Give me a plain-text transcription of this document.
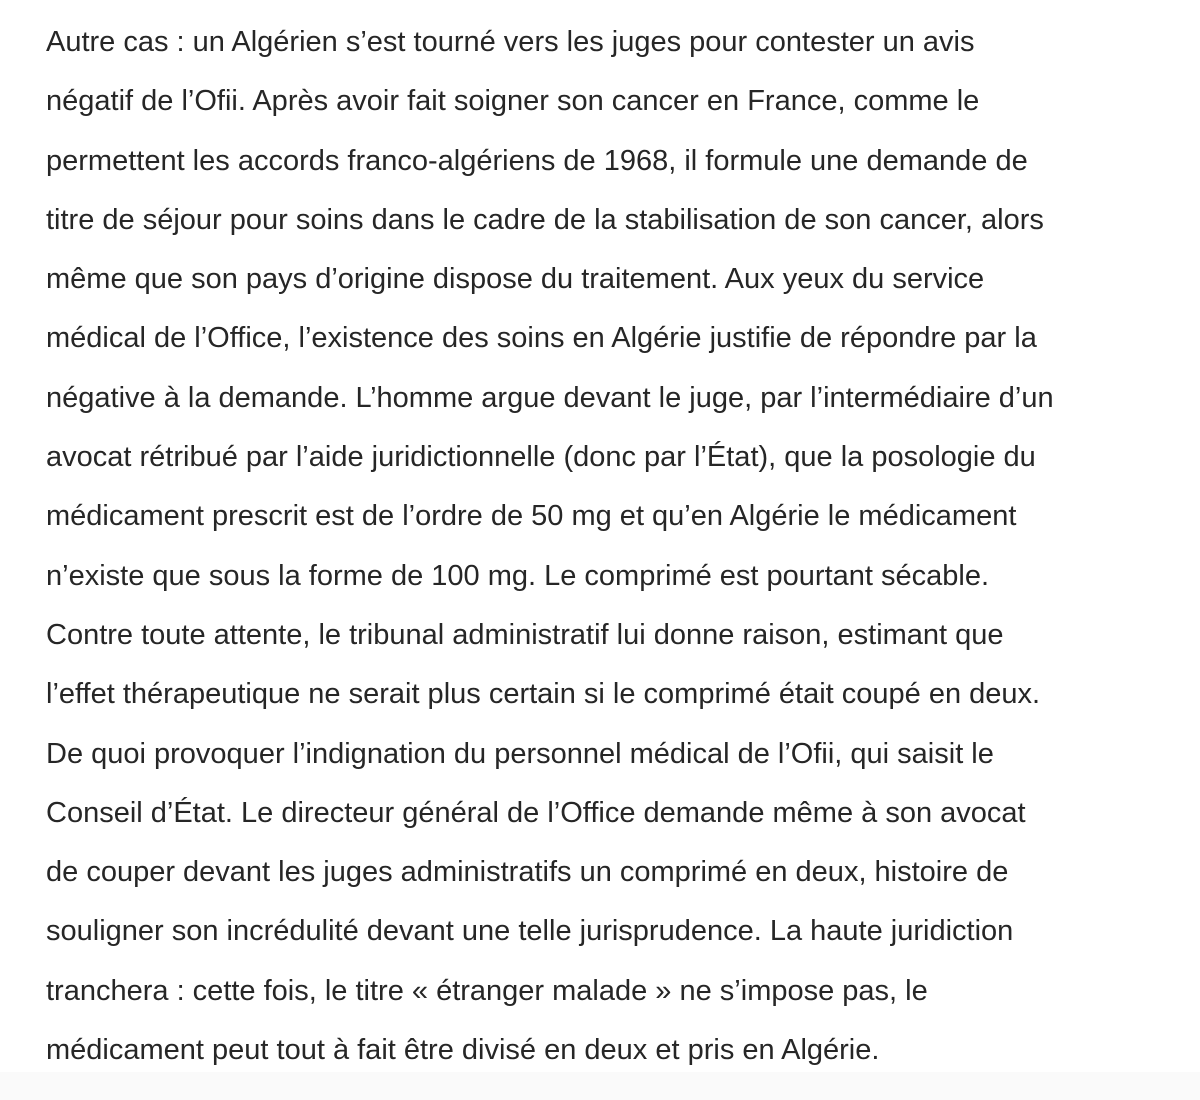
Autre cas : un Algérien s’est tourné vers les juges pour contester un avis
négatif de l’Ofii. Après avoir fait soigner son cancer en France, comme le
permettent les accords franco-algériens de 1968, il formule une demande de
titre de séjour pour soins dans le cadre de la stabilisation de son cancer, alors
même que son pays d’origine dispose du traitement. Aux yeux du service
médical de l’Office, l’existence des soins en Algérie justifie de répondre par la
négative à la demande. L’homme argue devant le juge, par l’intermédiaire d’un
avocat rétribué par l’aide juridictionnelle (donc par l’État), que la posologie du
médicament prescrit est de l’ordre de 50 mg et qu’en Algérie le médicament
n’existe que sous la forme de 100 mg. Le comprimé est pourtant sécable.
Contre toute attente, le tribunal administratif lui donne raison, estimant que
l’effet thérapeutique ne serait plus certain si le comprimé était coupé en deux.
De quoi provoquer l’indignation du personnel médical de l’Ofii, qui saisit le
Conseil d’État. Le directeur général de l’Office demande même à son avocat
de couper devant les juges administratifs un comprimé en deux, histoire de
souligner son incrédulité devant une telle jurisprudence. La haute juridiction
tranchera : cette fois, le titre « étranger malade » ne s’impose pas, le
médicament peut tout à fait être divisé en deux et pris en Algérie.
